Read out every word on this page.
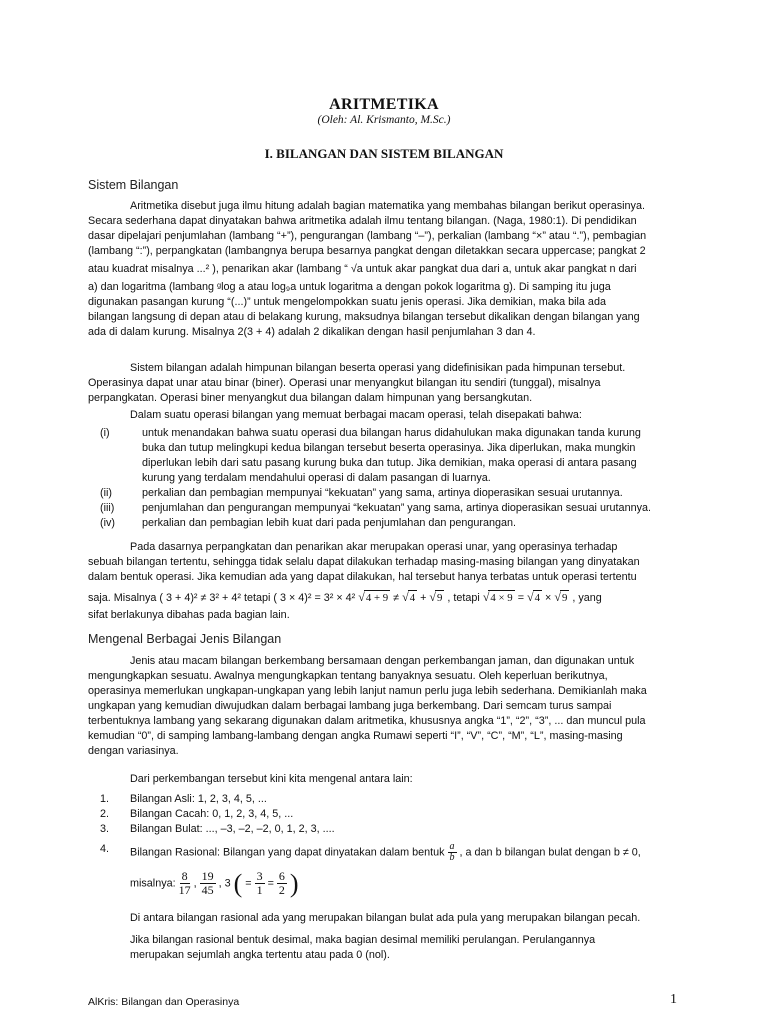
ARITMETIKA
(Oleh: Al. Krismanto, M.Sc.)
I. BILANGAN DAN SISTEM BILANGAN
Sistem Bilangan
Aritmetika disebut juga ilmu hitung adalah bagian matematika yang membahas bilangan berikut operasinya.
Secara sederhana dapat dinyatakan bahwa aritmetika adalah ilmu tentang bilangan. (Naga, 1980:1). Di pendidikan
dasar dipelajari penjumlahan (lambang “+”), pengurangan (lambang “–”), perkalian (lambang “×” atau “.”), pembagian
(lambang “:”), perpangkatan (lambangnya berupa besarnya pangkat dengan diletakkan secara uppercase; pangkat 2
atau kuadrat misalnya ...² ), penarikan akar (lambang “ √a untuk akar pangkat dua dari a, untuk akar pangkat n dari
a) dan logaritma (lambang ᵍlog a atau log₉a untuk logaritma a dengan pokok logaritma g). Di samping itu juga
digunakan pasangan kurung “(...)” untuk mengelompokkan suatu jenis operasi. Jika demikian, maka bila ada
bilangan langsung di depan atau di belakang kurung, maksudnya bilangan tersebut dikalikan dengan bilangan yang
ada di dalam kurung. Misalnya 2(3 + 4) adalah 2 dikalikan dengan hasil penjumlahan 3 dan 4.
Sistem bilangan adalah himpunan bilangan beserta operasi yang didefinisikan pada himpunan tersebut.
Operasinya dapat unar atau binar (biner). Operasi unar menyangkut bilangan itu sendiri (tunggal), misalnya
perpangkatan. Operasi biner menyangkut dua bilangan dalam himpunan yang bersangkutan.
Dalam suatu operasi bilangan yang memuat berbagai macam operasi, telah disepakati bahwa:
(i)	untuk menandakan bahwa suatu operasi dua bilangan harus didahulukan maka digunakan tanda kurung
buka dan tutup melingkupi kedua bilangan tersebut beserta operasinya. Jika diperlukan, maka mungkin
diperlukan lebih dari satu pasang kurung buka dan tutup. Jika demikian, maka operasi di antara pasang
kurung yang terdalam mendahului operasi di dalam pasangan di luarnya.
(ii)	perkalian dan pembagian mempunyai “kekuatan” yang sama, artinya dioperasikan sesuai urutannya.
(iii)	penjumlahan dan pengurangan mempunyai “kekuatan” yang sama, artinya dioperasikan sesuai urutannya.
(iv)	perkalian dan pembagian lebih kuat dari pada penjumlahan dan pengurangan.
Pada dasarnya perpangkatan dan penarikan akar merupakan operasi unar, yang operasinya terhadap
sebuah bilangan tertentu, sehingga tidak selalu dapat dilakukan terhadap masing-masing bilangan yang dinyatakan
dalam bentuk operasi. Jika kemudian ada yang dapat dilakukan, hal tersebut hanya terbatas untuk operasi tertentu
saja. Misalnya ( 3 + 4)² ≠ 3² + 4² tetapi ( 3 × 4)² = 3² × 4² √4 + 9 ≠ √4 + √9 , tetapi √4 × 9 = √4 × √9 , yang
sifat berlakunya dibahas pada bagian lain.
Mengenal Berbagai Jenis Bilangan
Jenis atau macam bilangan berkembang bersamaan dengan perkembangan jaman, dan digunakan untuk
mengungkapkan sesuatu. Awalnya mengungkapkan tentang banyaknya sesuatu. Oleh keperluan berikutnya,
operasinya memerlukan ungkapan-ungkapan yang lebih lanjut namun perlu juga lebih sederhana. Demikianlah maka
ungkapan yang kemudian diwujudkan dalam berbagai lambang juga berkembang. Dari semcam turus sampai
terbentuknya lambang yang sekarang digunakan dalam aritmetika, khususnya angka “1”, “2”, “3”, ... dan muncul pula
kemudian “0”, di samping lambang-lambang dengan angka Rumawi seperti “I”, “V”, “C”, “M”, “L”, masing-masing
dengan variasinya.
Dari perkembangan tersebut kini kita mengenal antara lain:
1. Bilangan Asli: 1, 2, 3, 4, 5, ...
2. Bilangan Cacah: 0, 1, 2, 3, 4, 5, ...
3. Bilangan Bulat: ..., –3, –2, –2, 0, 1, 2, 3, ....
4. Bilangan Rasional: Bilangan yang dapat dinyatakan dalam bentuk $\frac{a}{b}$ , a dan b bilangan bulat dengan b ≠ 0,
misalnya: $\frac{8}{17}$ , $\frac{19}{45}$ , 3 ( = $\frac{3}{1} = \frac{6}{2}$ )
Di antara bilangan rasional ada yang merupakan bilangan bulat ada pula yang merupakan bilangan pecah.
Jika bilangan rasional bentuk desimal, maka bagian desimal memiliki perulangan. Perulangannya
merupakan sejumlah angka tertentu atau pada 0 (nol).
AlKris: Bilangan dan Operasinya	1
